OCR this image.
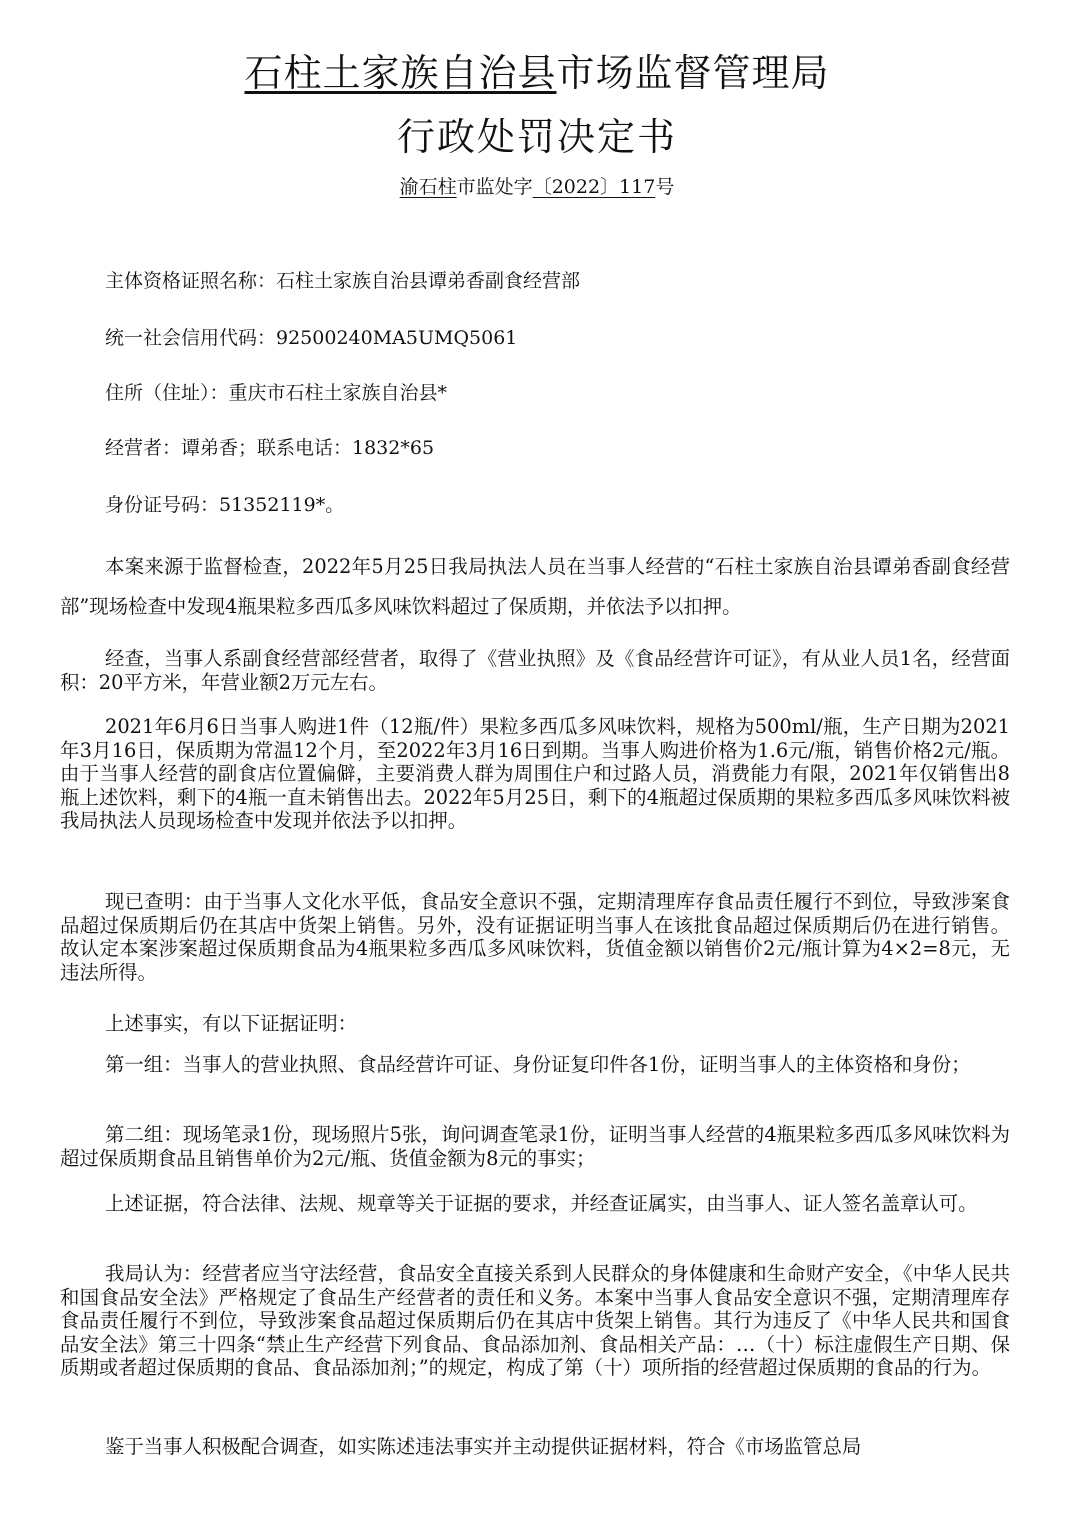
石柱土家族自治县市场监督管理局
行政处罚决定书
渝石柱市监处字〔2022〕117号
主体资格证照名称：石柱土家族自治县谭弟香副食经营部
统一社会信用代码：92500240MA5UMQ5061
住所（住址）：重庆市石柱土家族自治县*
经营者：谭弟香；联系电话：1832*65
身份证号码：51352119*。
本案来源于监督检查，2022年5月25日我局执法人员在当事人经营的“石柱土家族自治县谭弟香副食经营部”现场检查中发现4瓶果粒多西瓜多风味饮料超过了保质期，并依法予以扣押。
经查，当事人系副食经营部经营者，取得了《营业执照》及《食品经营许可证》，有从业人员1名，经营面积：20平方米，年营业额2万元左右。
2021年6月6日当事人购进1件（12瓶/件）果粒多西瓜多风味饮料，规格为500ml/瓶，生产日期为2021年3月16日，保质期为常温12个月，至2022年3月16日到期。当事人购进价格为1.6元/瓶，销售价格2元/瓶。由于当事人经营的副食店位置偏僻，主要消费人群为周围住户和过路人员，消费能力有限，2021年仅销售出8瓶上述饮料，剩下的4瓶一直未销售出去。2022年5月25日，剩下的4瓶超过保质期的果粒多西瓜多风味饮料被我局执法人员现场检查中发现并依法予以扣押。
现已查明：由于当事人文化水平低，食品安全意识不强，定期清理库存食品责任履行不到位，导致涉案食品超过保质期后仍在其店中货架上销售。另外，没有证据证明当事人在该批食品超过保质期后仍在进行销售。故认定本案涉案超过保质期食品为4瓶果粒多西瓜多风味饮料，货值金额以销售价2元/瓶计算为4×2=8元，无违法所得。
上述事实，有以下证据证明：
第一组：当事人的营业执照、食品经营许可证、身份证复印件各1份，证明当事人的主体资格和身份；
第二组：现场笔录1份，现场照片5张，询问调查笔录1份，证明当事人经营的4瓶果粒多西瓜多风味饮料为超过保质期食品且销售单价为2元/瓶、货值金额为8元的事实；
上述证据，符合法律、法规、规章等关于证据的要求，并经查证属实，由当事人、证人签名盖章认可。
我局认为：经营者应当守法经营，食品安全直接关系到人民群众的身体健康和生命财产安全，《中华人民共和国食品安全法》严格规定了食品生产经营者的责任和义务。本案中当事人食品安全意识不强，定期清理库存食品责任履行不到位，导致涉案食品超过保质期后仍在其店中货架上销售。其行为违反了《中华人民共和国食品安全法》第三十四条“禁止生产经营下列食品、食品添加剂、食品相关产品：…（十）标注虚假生产日期、保质期或者超过保质期的食品、食品添加剂；”的规定，构成了第（十）项所指的经营超过保质期的食品的行为。
鉴于当事人积极配合调查，如实陈述违法事实并主动提供证据材料，符合《市场监管总局
